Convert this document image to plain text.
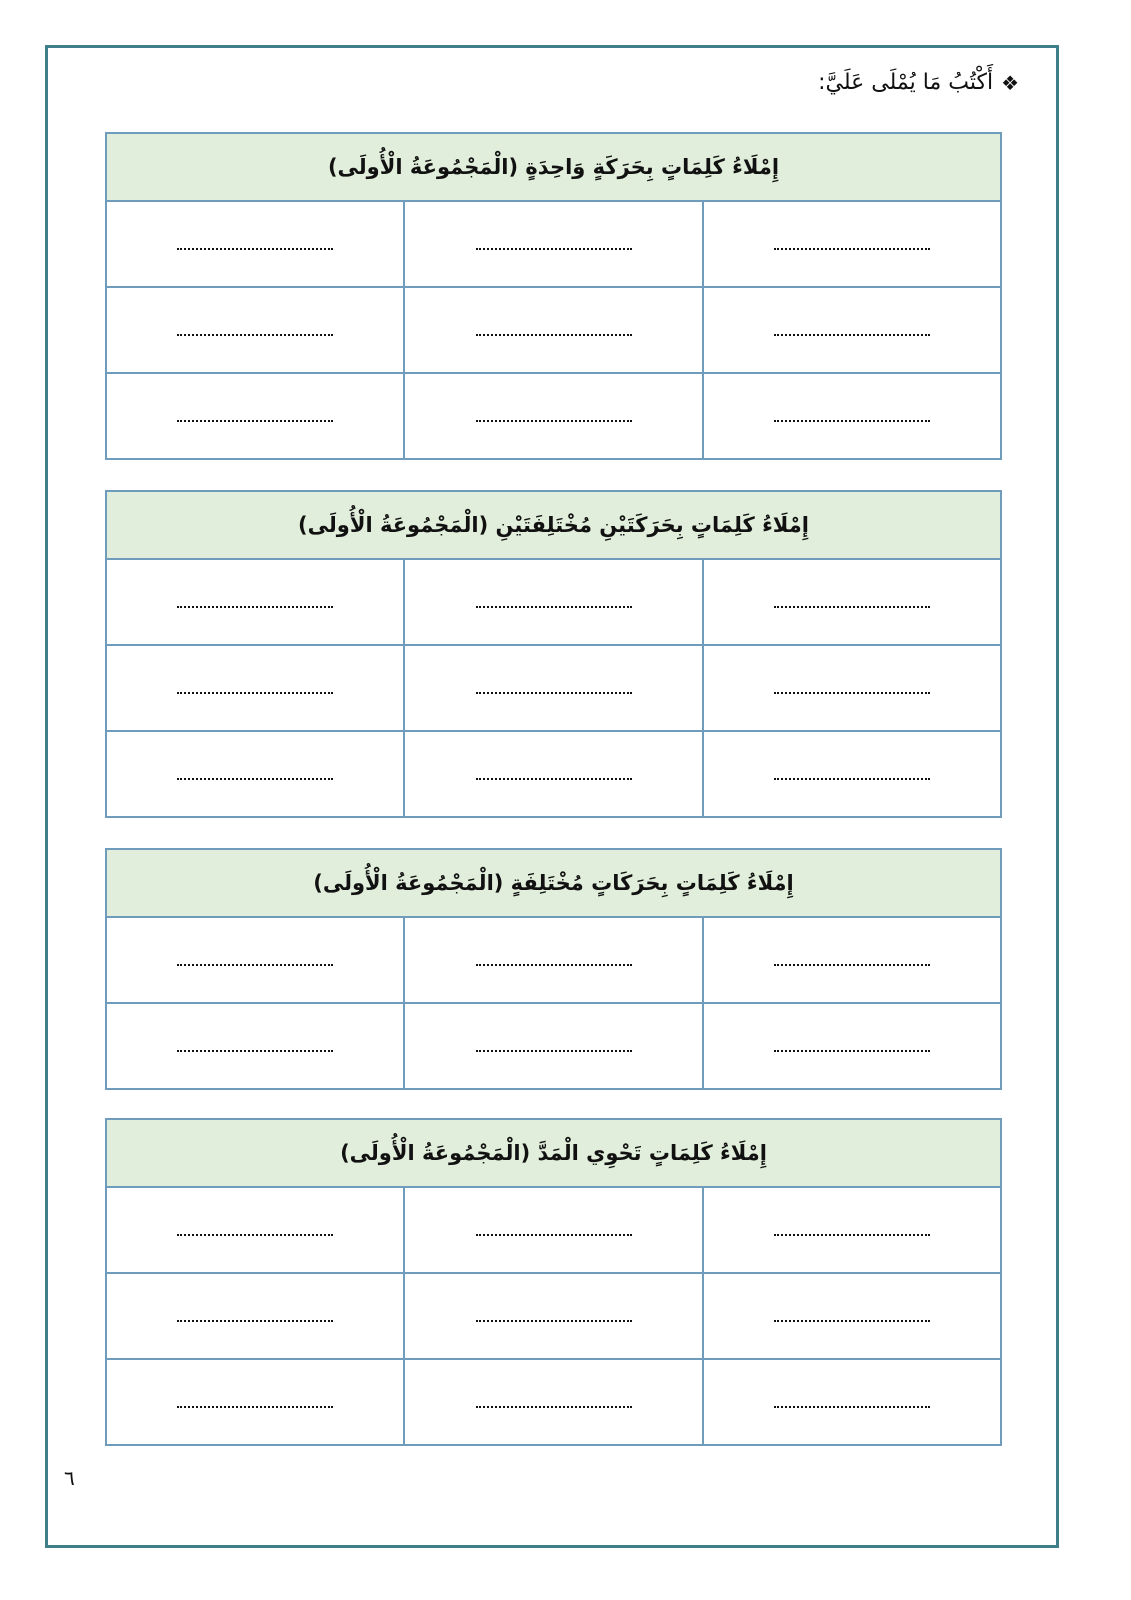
❖
أَكْتُبُ مَا يُمْلَى عَلَيَّ:
إِمْلَاءُ كَلِمَاتٍ بِحَرَكَةٍ وَاحِدَةٍ (الْمَجْمُوعَةُ الْأُولَى)		

إِمْلَاءُ كَلِمَاتٍ بِحَرَكَتَيْنِ مُخْتَلِفَتَيْنِ (الْمَجْمُوعَةُ الْأُولَى)		

إِمْلَاءُ كَلِمَاتٍ بِحَرَكَاتٍ مُخْتَلِفَةٍ (الْمَجْمُوعَةُ الْأُولَى)		

إِمْلَاءُ كَلِمَاتٍ تَحْوِي الْمَدَّ (الْمَجْمُوعَةُ الْأُولَى)		

٦
